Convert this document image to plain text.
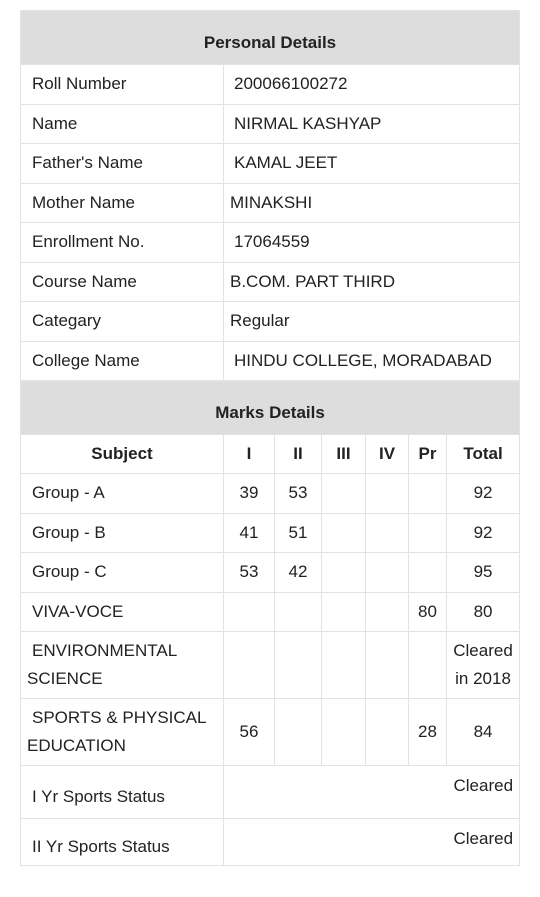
Personal Details	
Roll Number	200066100272
Name	NIRMAL KASHYAP
Father's Name	KAMAL JEET
Mother Name	MINAKSHI
Enrollment No.	17064559
Course Name	B.COM. PART THIRD
Categary	Regular
College Name	HINDU COLLEGE, MORADABAD
Marks Details						
Subject	I	II	III	IV	Pr	Total
Group - A	39	53				92
Group - B	41	51				92
Group - C	53	42				95
VIVA-VOCE					80	80
ENVIRONMENTAL
SCIENCE						Cleared
in 2018
SPORTS & PHYSICAL
EDUCATION	56				28	84
I Yr Sports Status	Cleared					
II Yr Sports Status	Cleared					
